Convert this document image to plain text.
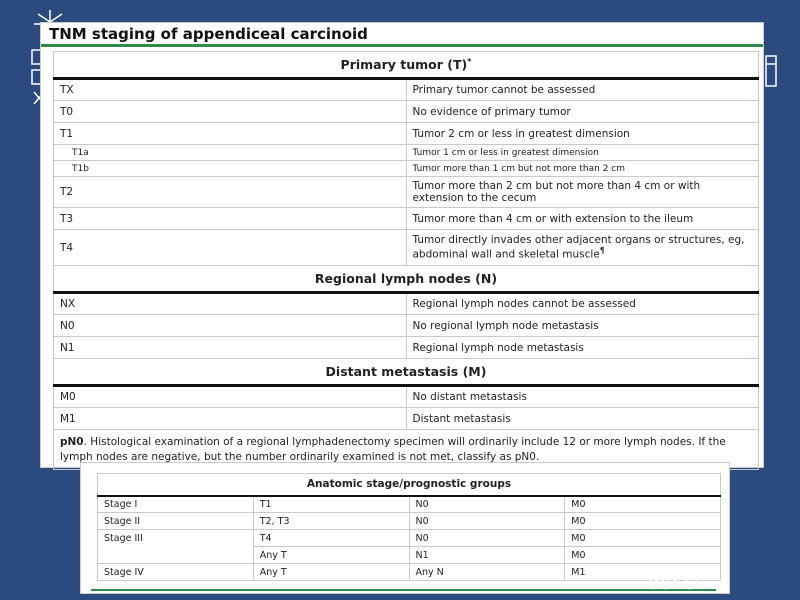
TNM staging of appendiceal carcinoid
Primary tumor (T)*
TX	Primary tumor cannot be assessed
T0	No evidence of primary tumor
T1	Tumor 2 cm or less in greatest dimension
T1a	Tumor 1 cm or less in greatest dimension
T1b	Tumor more than 1 cm but not more than 2 cm
T2	Tumor more than 2 cm but not more than 4 cm or with extension to the cecum
T3	Tumor more than 4 cm or with extension to the ileum
T4	Tumor directly invades other adjacent organs or structures, eg, abdominal wall and skeletal muscle¶
Regional lymph nodes (N)	
NX	Regional lymph nodes cannot be assessed
N0	No regional lymph node metastasis
N1	Regional lymph node metastasis
Distant metastasis (M)	
M0	No distant metastasis
M1	Distant metastasis
pN0. Histological examination of a regional lymphadenectomy specimen will ordinarily include 12 or more lymph nodes. If the lymph nodes are negative, but the number ordinarily examined is not met, classify as pN0.	
Anatomic stage/prognostic groups			
Stage I	T1	N0	M0
Stage II	T2, T3	N0	M0
Stage III	T4	N0	M0
	Any T	N1	M0
Stage IV	Any T	Any N	M1	dor.cl
